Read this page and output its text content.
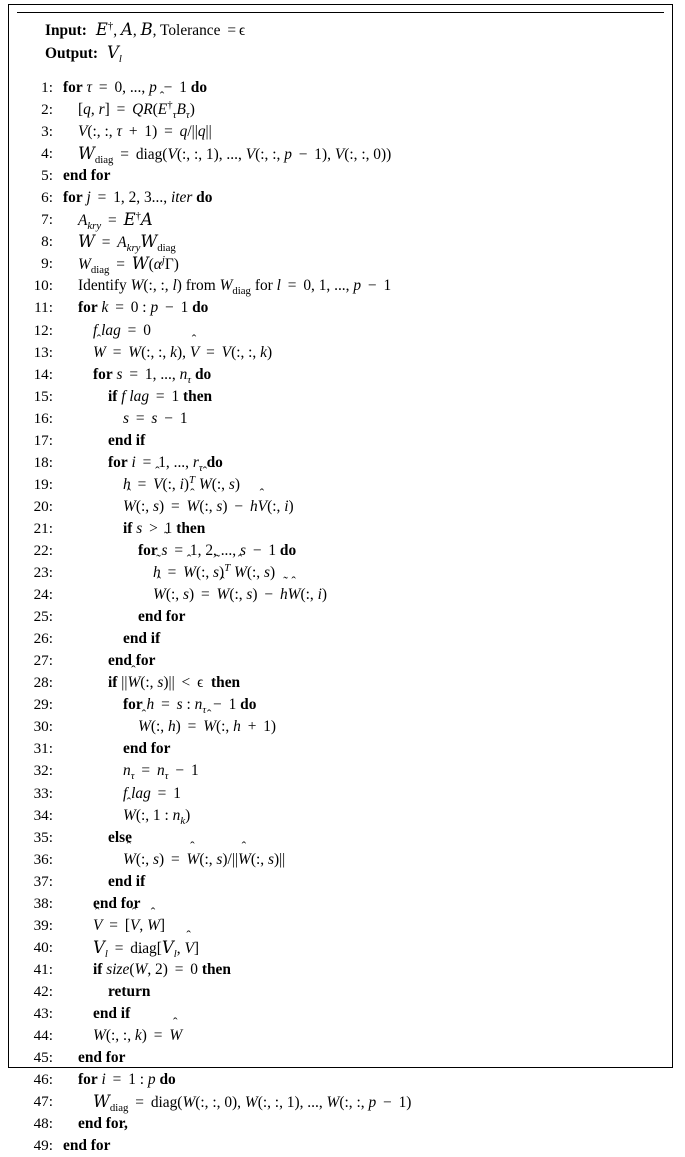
Input: E†, A, B, Tolerance = ϵ
Output: $V_l$
1: for τ = 0, ..., p − 1 do
2: [q, r] = QR(
$E^\dagger_\tau B_\tau$)
3: V(:, :, τ + 1) = q/||q||
4: $W_{diag}$ = diag(V(:, :, 1), ..., V(:, :, p − 1), V(:, :, 0))
5: end for
6: for j = 1, 2, 3..., iter do
7: $A_{kry} = E^\dagger A$
8: $W = A_{kry}W_{diag}$
9: $W_{diag} = W(\alpha^j\Gamma)$
10: Identify W(:, :, l) from $W_{diag}$ for l = 0, 1, ..., p − 1
11: for k = 0 : p − 1 do
12:	f lag = 0
13:	W = W(:, :, k), V = V(:, :, k)
14:	for s = 1, ..., $n_\tau$ do
15:	if f lag = 1 then
16:	s = s − 1
17:	end if
18:	for i = 1, ..., $r_\tau$ do
19:	h = V(:, i)$^T$ W(:, s)
20:	W(:, s) = W(:, s) − h
V(:, i)
21:	if s > 1 then
22:	for s = 1, 2, ..., s − 1 do
23:	h = W(:, s)$^T$ W(:, s)
24:	W(:, s) = W(:, s) − h
W(:, i)
25:	end for
26:	end if
27:	end for
28:	if ||
W(:, s)|| < ϵ then
29:	for h = s : $n_\tau - 1$ do
30:	W(:, h) = W(:, h + 1)
31:	end for
32:	$n_\tau = n_\tau - 1$
33:	f lag = 1
34:	W(:, 1 : $n_k$)
35:	else
36:	W(:, s) = W(:, s)/||
W(:, s)||
37:	end if
38:	end for
39:	V = [
V, W]
40: $V_l$ = $diag[V_l$, V]
41:	if size(
W, 2) = 0 then
42:	return
43:	end if
44:	W(:, :, k) = W
45: end for
46: for i = 1 : p do
47: $W_{diag}$ = diag(W(:, :, 0), W(:, :, 1), ..., W(:, :, p − 1)
48: end for,
49: end for
